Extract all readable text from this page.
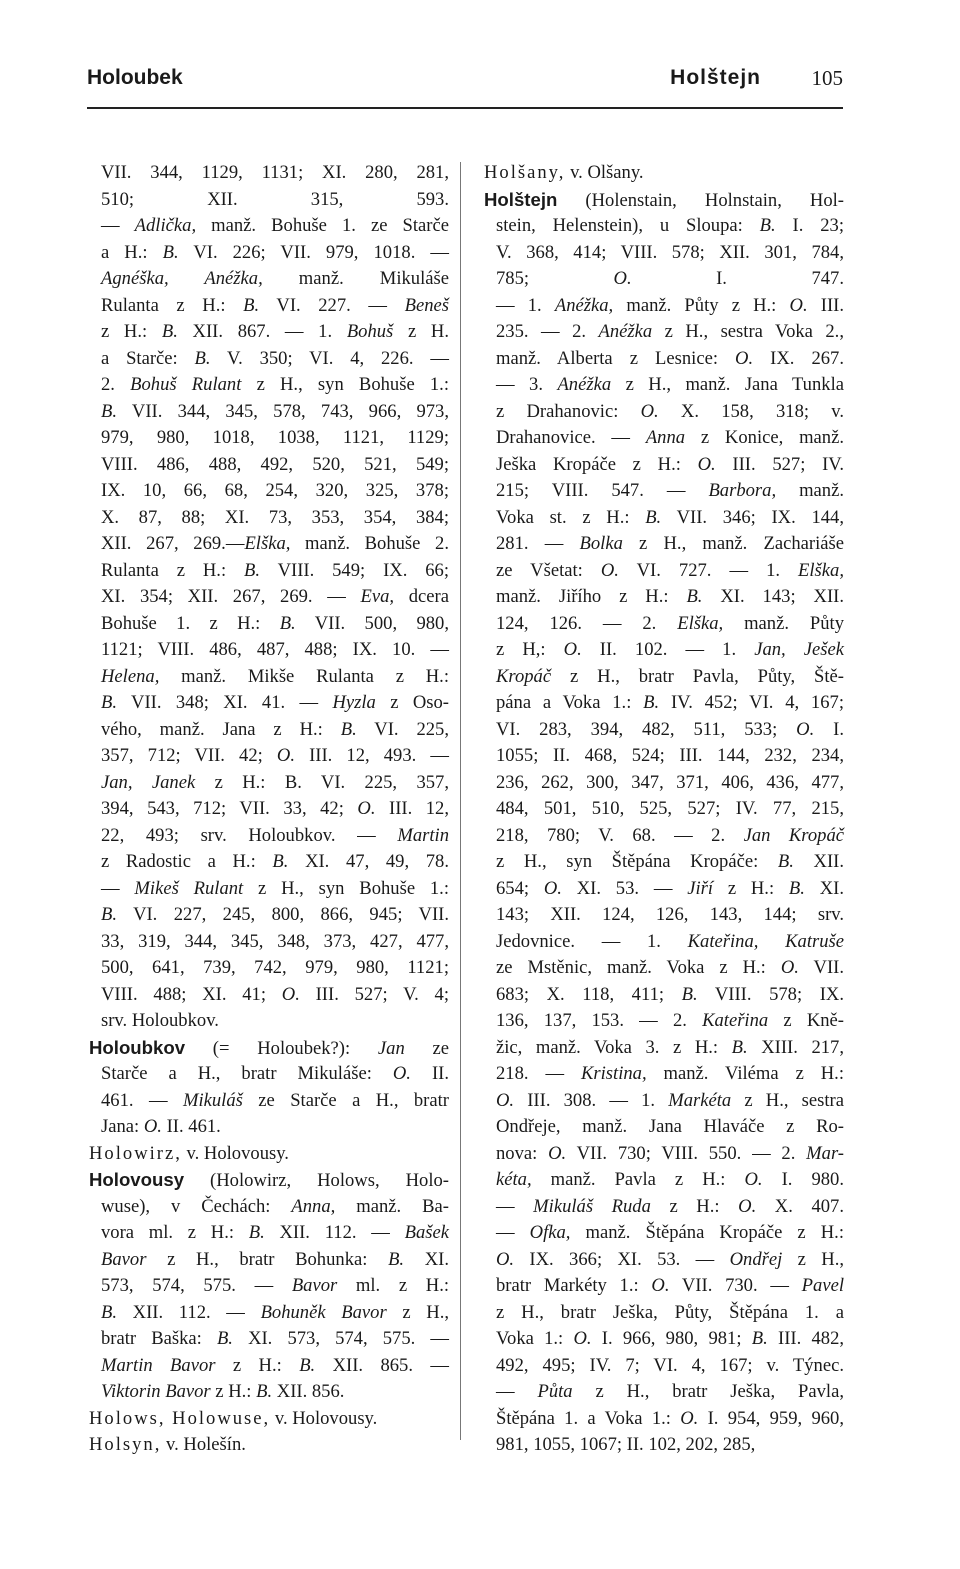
Holoubek	Holštejn 105
VII. 344, 1129, 1131; XI. 280, 281,
510; XII. 315, 593.
— Adlička, manž. Bohuše 1. ze Starče
a H.: B. VI. 226; VII. 979, 1018. —
Agnéška, Anéžka, manž. Mikuláše
Rulanta z H.: B. VI. 227. — Beneš
z H.: B. XII. 867. — 1. Bohuš z H.
a Starče: B. V. 350; VI. 4, 226. —
2. Bohuš Rulant z H., syn Bohuše 1.:
B. VII. 344, 345, 578, 743, 966, 973,
979, 980, 1018, 1038, 1121, 1129;
VIII. 486, 488, 492, 520, 521, 549;
IX. 10, 66, 68, 254, 320, 325, 378;
X. 87, 88; XI. 73, 353, 354, 384;
XII. 267, 269.—Elška, manž. Bohuše 2.
Rulanta z H.: B. VIII. 549; IX. 66;
XI. 354; XII. 267, 269. — Eva, dcera
Bohuše 1. z H.: B. VII. 500, 980,
1121; VIII. 486, 487, 488; IX. 10. —
Helena, manž. Mikše Rulanta z H.:
B. VII. 348; XI. 41. — Hyzla z Oso-
vého, manž. Jana z H.: B. VI. 225,
357, 712; VII. 42; O. III. 12, 493. —
Jan, Janek z H.: B. VI. 225, 357,
394, 543, 712; VII. 33, 42; O. III. 12,
22, 493; srv. Holoubkov. — Martin
z Radostic a H.: B. XI. 47, 49, 78.
— Mikeš Rulant z H., syn Bohuše 1.:
B. VI. 227, 245, 800, 866, 945; VII.
33, 319, 344, 345, 348, 373, 427, 477,
500, 641, 739, 742, 979, 980, 1121;
VIII. 488; XI. 41; O. III. 527; V. 4;
srv. Holoubkov.
Holoubkov (= Holoubek?): Jan ze
Starče a H., bratr Mikuláše: O. II.
461. — Mikuláš ze Starče a H., bratr
Jana: O. II. 461.
Holowirz, v. Holovousy.
Holovousy (Holowirz, Holows, Holo-
wuse), v Čechách: Anna, manž. Ba-
vora ml. z H.: B. XII. 112. — Bašek
Bavor z H., bratr Bohunka: B. XI.
573, 574, 575. — Bavor ml. z H.:
B. XII. 112. — Bohuněk Bavor z H.,
bratr Baška: B. XI. 573, 574, 575. —
Martin Bavor z H.: B. XII. 865. —
Viktorin Bavor z H.: B. XII. 856.
Holows, Holowuse, v. Holovousy.
Holsyn, v. Holešín.
Holšany, v. Olšany.
Holštejn (Holenstain, Holnstain, Hol-
stein, Helenstein), u Sloupa: B. I. 23;
V. 368, 414; VIII. 578; XII. 301, 784,
785; O. I. 747.
— 1. Anéžka, manž. Půty z H.: O. III.
235. — 2. Anéžka z H., sestra Voka 2.,
manž. Alberta z Lesnice: O. IX. 267.
— 3. Anéžka z H., manž. Jana Tunkla
z Drahanovic: O. X. 158, 318; v.
Drahanovice. — Anna z Konice, manž.
Ješka Kropáče z H.: O. III. 527; IV.
215; VIII. 547. — Barbora, manž.
Voka st. z H.: B. VII. 346; IX. 144,
281. — Bolka z H., manž. Zachariáše
ze Všetat: O. VI. 727. — 1. Elška,
manž. Jiřího z H.: B. XI. 143; XII.
124, 126. — 2. Elška, manž. Půty
z H,: O. II. 102. — 1. Jan, Ješek
Kropáč z H., bratr Pavla, Půty, Ště-
pána a Voka 1.: B. IV. 452; VI. 4, 167;
VI. 283, 394, 482, 511, 533; O. I.
1055; II. 468, 524; III. 144, 232, 234,
236, 262, 300, 347, 371, 406, 436, 477,
484, 501, 510, 525, 527; IV. 77, 215,
218, 780; V. 68. — 2. Jan Kropáč
z H., syn Štěpána Kropáče: B. XII.
654; O. XI. 53. — Jiří z H.: B. XI.
143; XII. 124, 126, 143, 144; srv.
Jedovnice. — 1. Kateřina, Katruše
ze Mstěnic, manž. Voka z H.: O. VII.
683; X. 118, 411; B. VIII. 578; IX.
136, 137, 153. — 2. Kateřina z Kně-
žic, manž. Voka 3. z H.: B. XIII. 217,
218. — Kristina, manž. Viléma z H.:
O. III. 308. — 1. Markéta z H., sestra
Ondřeje, manž. Jana Hlaváče z Ro-
nova: O. VII. 730; VIII. 550. — 2. Mar-
kéta, manž. Pavla z H.: O. I. 980.
— Mikuláš Ruda z H.: O. X. 407.
— Ofka, manž. Štěpána Kropáče z H.:
O. IX. 366; XI. 53. — Ondřej z H.,
bratr Markéty 1.: O. VII. 730. — Pavel
z H., bratr Ješka, Půty, Štěpána 1. a
Voka 1.: O. I. 966, 980, 981; B. III. 482,
492, 495; IV. 7; VI. 4, 167; v. Týnec.
— Půta z H., bratr Ješka, Pavla,
Štěpána 1. a Voka 1.: O. I. 954, 959, 960,
981, 1055, 1067; II. 102, 202, 285,
